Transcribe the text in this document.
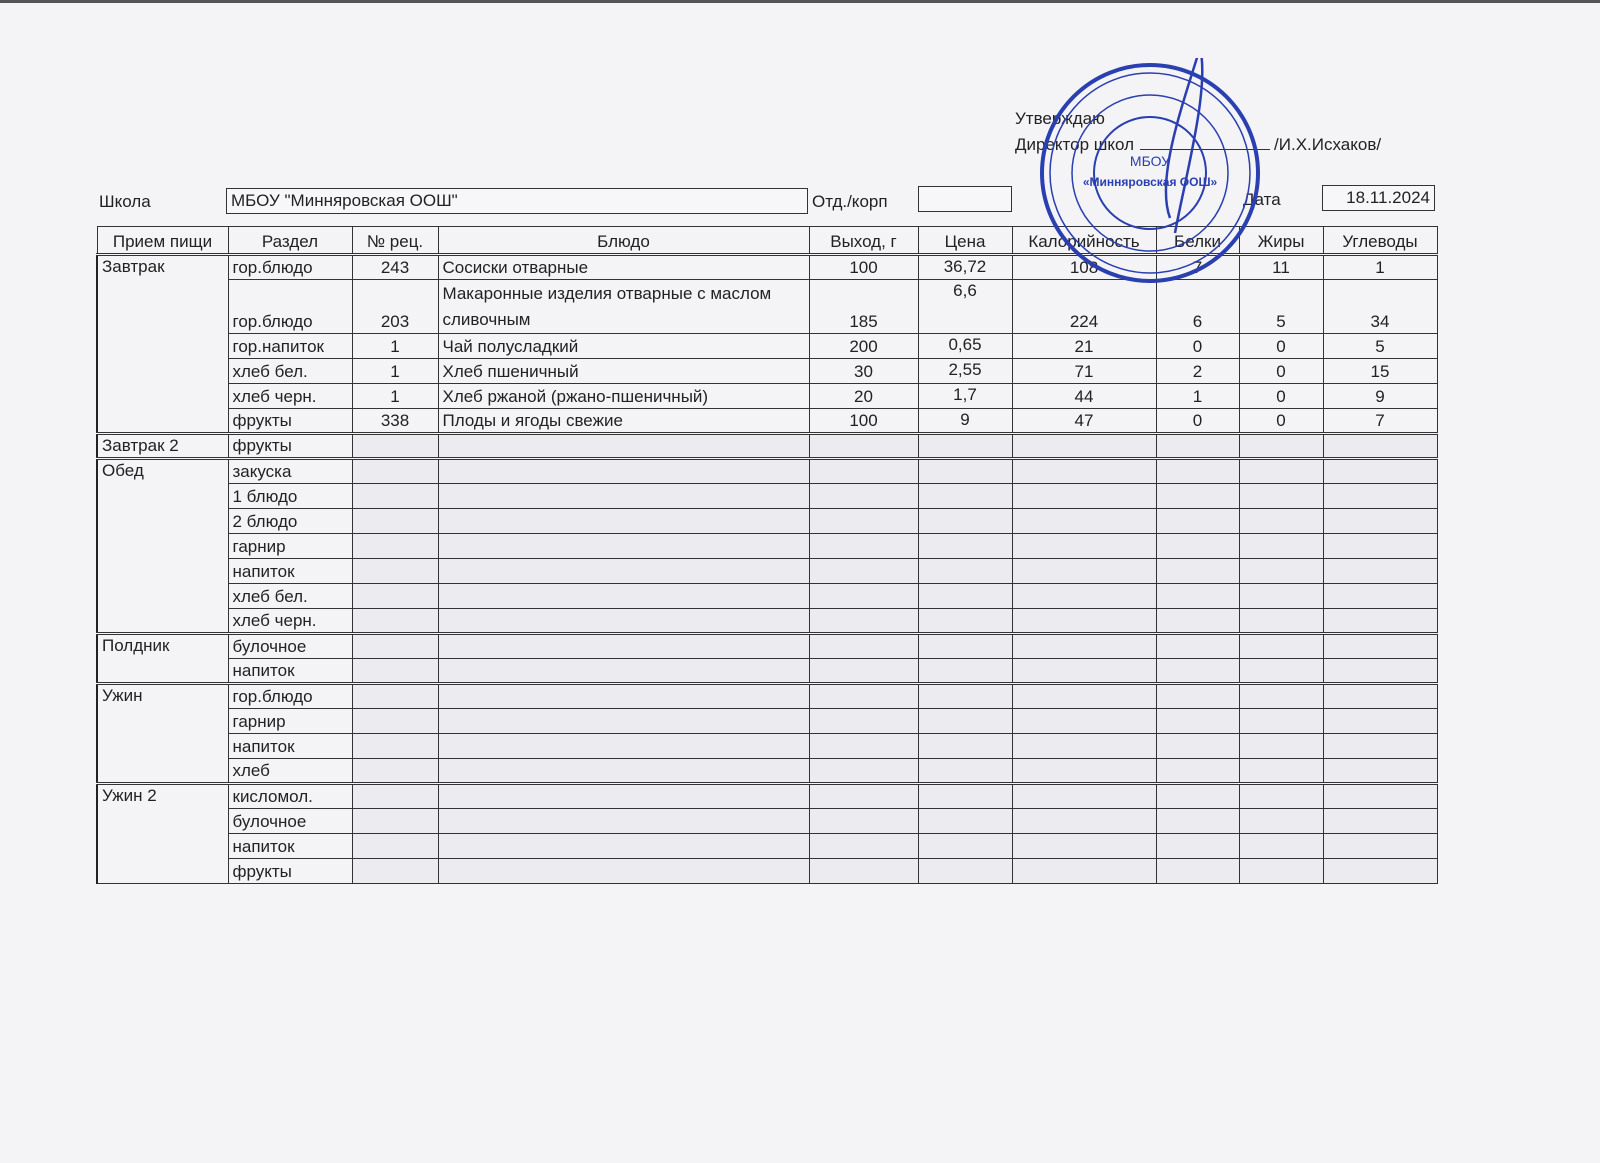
Утверждаю
Директор школ	/И.Х.Исхаков/
Школа	МБОУ "Минняровская ООШ"	Отд./корп	Дата	18.11.2024
Прием пищи	Раздел	№ рец.	Блюдо	Выход, г	Цена	Калорийность	Белки	Жиры	Углеводы
Завтрак	гор.блюдо	243	Сосиски отварные	100	36,72	108	7	11	1
	гор.блюдо	203	Макаронные изделия отварные с маслом сливочным	185	6,6	224	6	5	34
	гор.напиток	1	Чай полусладкий	200	0,65	21	0	0	5
	хлеб бел.	1	Хлеб пшеничный	30	2,55	71	2	0	15
	хлеб черн.	1	Хлеб ржаной (ржано-пшеничный)	20	1,7	44	1	0	9
	фрукты	338	Плоды и ягоды свежие	100	9	47	0	0	7
Завтрак 2	фрукты								
Обед	закуска								
	1 блюдо								
	2 блюдо								
	гарнир								
	напиток								
	хлеб бел.								
	хлеб черн.								
Полдник	булочное								
	напиток								
Ужин	гор.блюдо								
	гарнир								
	напиток								
	хлеб								
Ужин 2	кисломол.								
	булочное								
	напиток								
	фрукты								
МБОУ
«Минняровская ООШ»
